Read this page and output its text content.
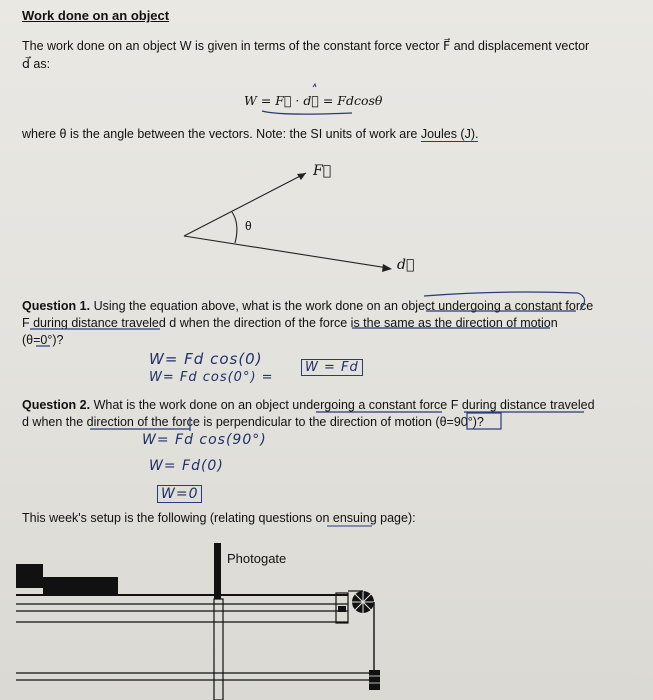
Work done on an object
The work done on an object W is given in terms of the constant force vector F⃗ and displacement vector
d⃗ as:
W = F⃗ · d⃗ = Fdcosθ
where θ is the angle between the vectors. Note: the SI units of work are Joules (J).
F⃗
θ
d⃗
Question 1. Using the equation above, what is the work done on an object undergoing a constant force
F during distance traveled d when the direction of the force is the same as the direction of motion
(θ=0°)?
W= Fd cos(0)
W= Fd cos(0°) =
W = Fd
Question 2. What is the work done on an object undergoing a constant force F during distance traveled
d when the direction of the force is perpendicular to the direction of motion (θ=90°)?
W= Fd cos(90°)
W= Fd(0)
W=0
This week's setup is the following (relating questions on ensuing page):
Photogate
